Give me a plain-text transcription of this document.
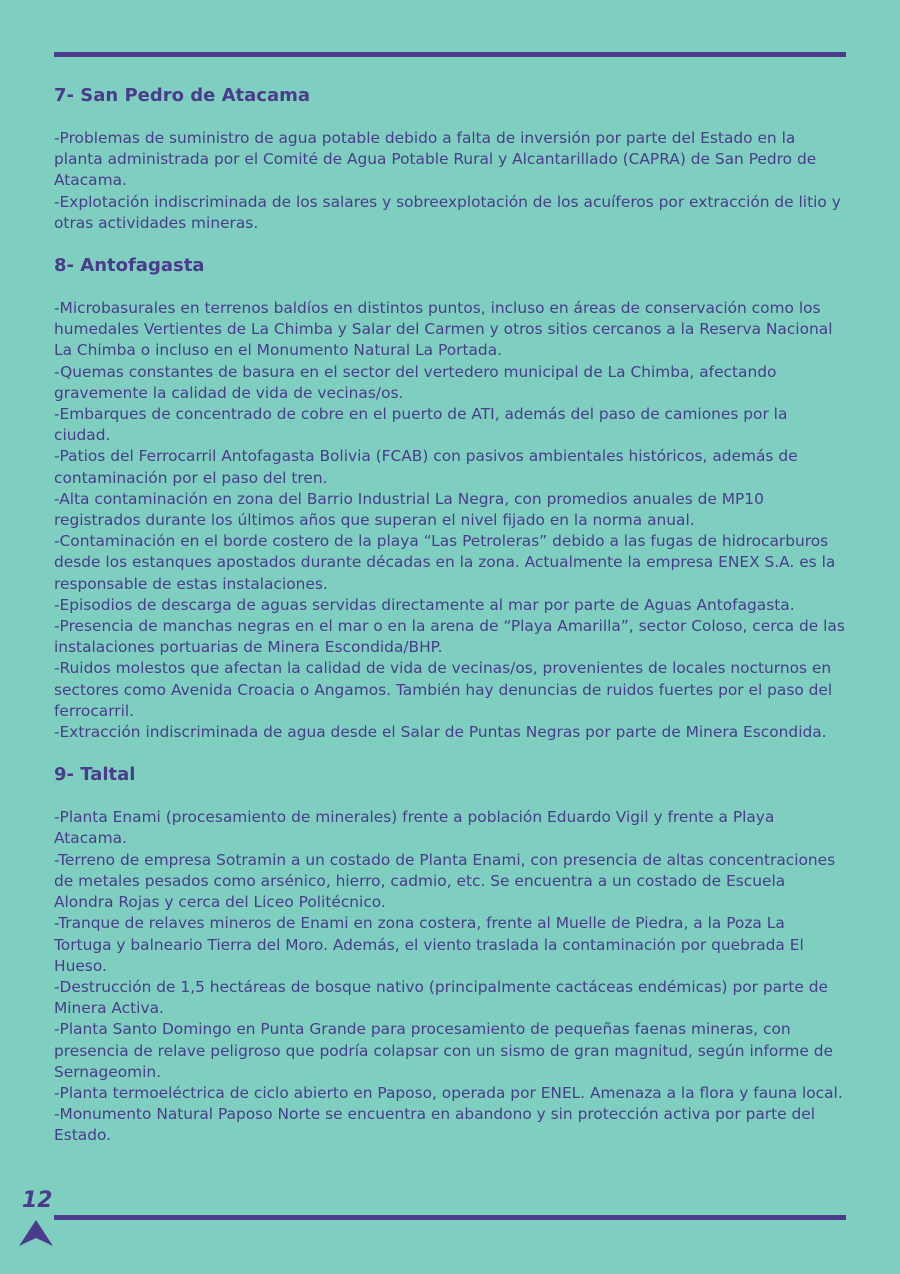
7- San Pedro de Atacama

-Problemas de suministro de agua potable debido a falta de inversión por parte del Estado en la planta administrada por el Comité de Agua Potable Rural y Alcantarillado (CAPRA) de San Pedro de Atacama.

-Explotación indiscriminada de los salares y sobreexplotación de los acuíferos por extracción de litio y otras actividades mineras.

8- Antofagasta

-Microbasurales en terrenos baldíos en distintos puntos, incluso en áreas de conservación como los humedales Vertientes de La Chimba y Salar del Carmen y otros sitios cercanos a la Reserva Nacional La Chimba o incluso en el Monumento Natural La Portada.

-Quemas constantes de basura en el sector del vertedero municipal de La Chimba, afectando gravemente la calidad de vida de vecinas/os.

-Embarques de concentrado de cobre en el puerto de ATI, además del paso de camiones por la ciudad.

-Patios del Ferrocarril Antofagasta Bolivia (FCAB) con pasivos ambientales históricos, además de contaminación por el paso del tren.

-Alta contaminación en zona del Barrio Industrial La Negra, con promedios anuales de MP10 registrados durante los últimos años que superan el nivel fijado en la norma anual.

-Contaminación en el borde costero de la playa “Las Petroleras” debido a las fugas de hidrocarburos desde los estanques apostados durante décadas en la zona. Actualmente la empresa ENEX S.A. es la responsable de estas instalaciones.

-Episodios de descarga de aguas servidas directamente al mar por parte de Aguas Antofagasta.

-Presencia de manchas negras en el mar o en la arena de “Playa Amarilla”, sector Coloso, cerca de las instalaciones portuarias de Minera Escondida/BHP.

-Ruidos molestos que afectan la calidad de vida de vecinas/os, provenientes de locales nocturnos en sectores como Avenida Croacia o Angamos. También hay denuncias de ruidos fuertes por el paso del ferrocarril.

-Extracción indiscriminada de agua desde el Salar de Puntas Negras por parte de Minera Escondida.

9- Taltal

-Planta Enami (procesamiento de minerales) frente a población Eduardo Vigil y frente a Playa Atacama.

-Terreno de empresa Sotramin a un costado de Planta Enami, con presencia de altas concentraciones de metales pesados como arsénico, hierro, cadmio, etc. Se encuentra a un costado de Escuela Alondra Rojas y cerca del Liceo Politécnico.

-Tranque de relaves mineros de Enami en zona costera, frente al Muelle de Piedra, a la Poza La Tortuga y balneario Tierra del Moro. Además, el viento traslada la contaminación por quebrada El Hueso.

-Destrucción de 1,5 hectáreas de bosque nativo (principalmente cactáceas endémicas) por parte de Minera Activa.

-Planta Santo Domingo en Punta Grande para procesamiento de pequeñas faenas mineras, con presencia de relave peligroso que podría colapsar con un sismo de gran magnitud, según informe de Sernageomin.

-Planta termoeléctrica de ciclo abierto en Paposo, operada por ENEL. Amenaza a la flora y fauna local.

-Monumento Natural Paposo Norte se encuentra en abandono y sin protección activa por parte del Estado.

12
